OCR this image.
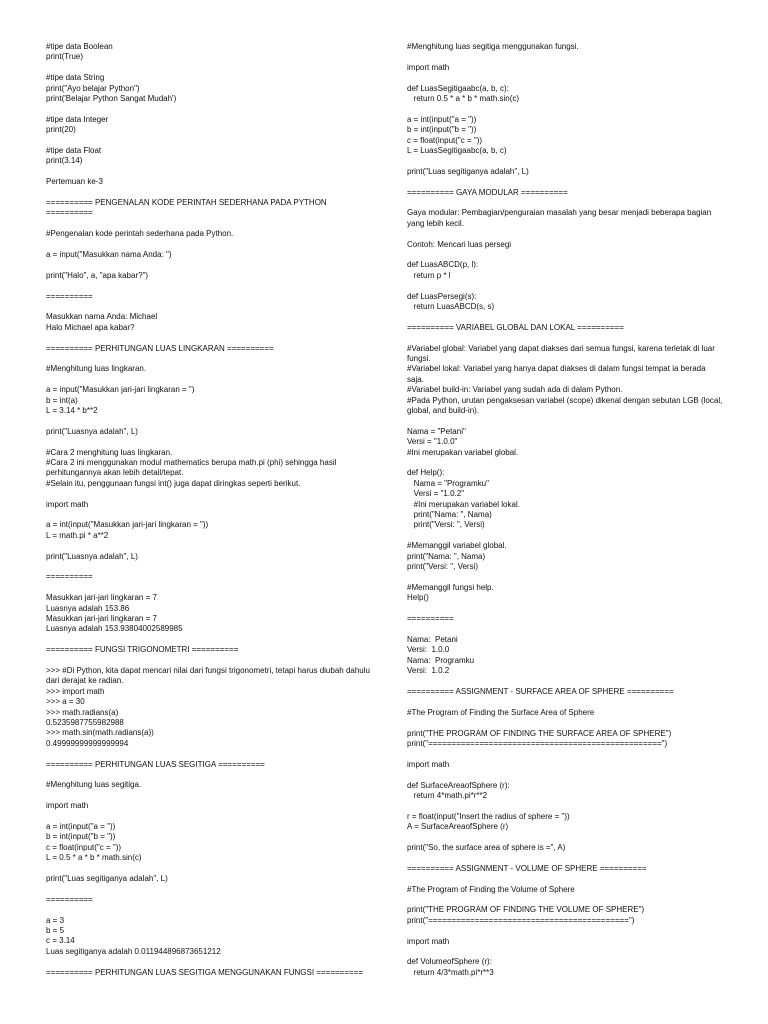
#tipe data Boolean
print(True)
#tipe data String
print("Ayo belajar Python")
print('Belajar Python Sangat Mudah')
#tipe data Integer
print(20)
#tipe data Float
print(3.14)
Pertemuan ke-3
========== PENGENALAN KODE PERINTAH SEDERHANA PADA PYTHON ==========
#Pengenalan kode perintah sederhana pada Python.
a = input("Masukkan nama Anda: ")
print("Halo", a, "apa kabar?")
==========
Masukkan nama Anda: Michael
Halo Michael apa kabar?
========== PERHITUNGAN LUAS LINGKARAN ==========
#Menghitung luas lingkaran.
a = input("Masukkan jari-jari lingkaran = ")
b = int(a)
L = 3.14 * b**2
print("Luasnya adalah", L)
#Cara 2 menghitung luas lingkaran.
#Cara 2 ini menggunakan modul mathematics berupa math.pi (phi) sehingga hasil perhitungannya akan lebih detail/tepat.
#Selain itu, penggunaan fungsi int() juga dapat diringkas seperti berikut.
import math
a = int(input("Masukkan jari-jari lingkaran = "))
L = math.pi * a**2
print("Luasnya adalah", L)
==========
Masukkan jari-jari lingkaran = 7
Luasnya adalah 153.86
Masukkan jari-jari lingkaran = 7
Luasnya adalah 153.93804002589985
========== FUNGSI TRIGONOMETRI ==========
>>> #Di Python, kita dapat mencari nilai dari fungsi trigonometri, tetapi harus diubah dahulu dari derajat ke radian.
>>> import math
>>> a = 30
>>> math.radians(a)
0.5235987755982988
>>> math.sin(math.radians(a))
0.49999999999999994
========== PERHITUNGAN LUAS SEGITIGA ==========
#Menghitung luas segitiga.
import math
a = int(input("a = "))
b = int(input("b = "))
c = float(input("c = "))
L = 0.5 * a * b * math.sin(c)
print("Luas segitiganya adalah", L)
==========
a = 3
b = 5
c = 3.14
Luas segitiganya adalah 0.011944896873651212
========== PERHITUNGAN LUAS SEGITIGA MENGGUNAKAN FUNGSI ==========
#Menghitung luas segitiga menggunakan fungsi.
import math
def LuasSegitigaabc(a, b, c):
return 0.5 * a * b * math.sin(c)
a = int(input("a = "))
b = int(input("b = "))
c = float(input("c = "))
L = LuasSegitigaabc(a, b, c)
print("Luas segitiganya adalah", L)
========== GAYA MODULAR ==========
Gaya modular: Pembagian/penguraian masalah yang besar menjadi beberapa bagian yang lebih kecil.
Contoh: Mencari luas persegi
def LuasABCD(p, l):
return p * l
def LuasPersegi(s):
return LuasABCD(s, s)
========== VARIABEL GLOBAL DAN LOKAL ==========
#Variabel global: Variabel yang dapat diakses dari semua fungsi, karena terletak di luar fungsi.
#Variabel lokal: Variabel yang hanya dapat diakses di dalam fungsi tempat ia berada saja.
#Variabel build-in: Variabel yang sudah ada di dalam Python.
#Pada Python, urutan pengaksesan variabel (scope) dikenal dengan sebutan LGB (local, global, and build-in).
Nama = "Petani"
Versi = "1.0.0"
#Ini merupakan variabel global.
def Help():
Nama = "Programku"
Versi = "1.0.2"
#Ini merupakan variabel lokal.
print("Nama: ", Nama)
print("Versi: ", Versi)
#Memanggil variabel global.
print("Nama: ", Nama)
print("Versi: ", Versi)
#Memanggil fungsi help.
Help()
==========
Nama:  Petani
Versi:  1.0.0
Nama:  Programku
Versi:  1.0.2
========== ASSIGNMENT - SURFACE AREA OF SPHERE ==========
#The Program of Finding the Surface Area of Sphere
print("THE PROGRAM OF FINDING THE SURFACE AREA OF SPHERE")
print("==================================================")
import math
def SurfaceAreaofSphere (r):
return 4*math.pi*r**2
r = float(input("Insert the radius of sphere = "))
A = SurfaceAreaofSphere (r)
print("So, the surface area of sphere is =", A)
========== ASSIGNMENT - VOLUME OF SPHERE ==========
#The Program of Finding the Volume of Sphere
print("THE PROGRAM OF FINDING THE VOLUME OF SPHERE")
print("===========================================")
import math
def VolumeofSphere (r):
return 4/3*math.pi*r**3
